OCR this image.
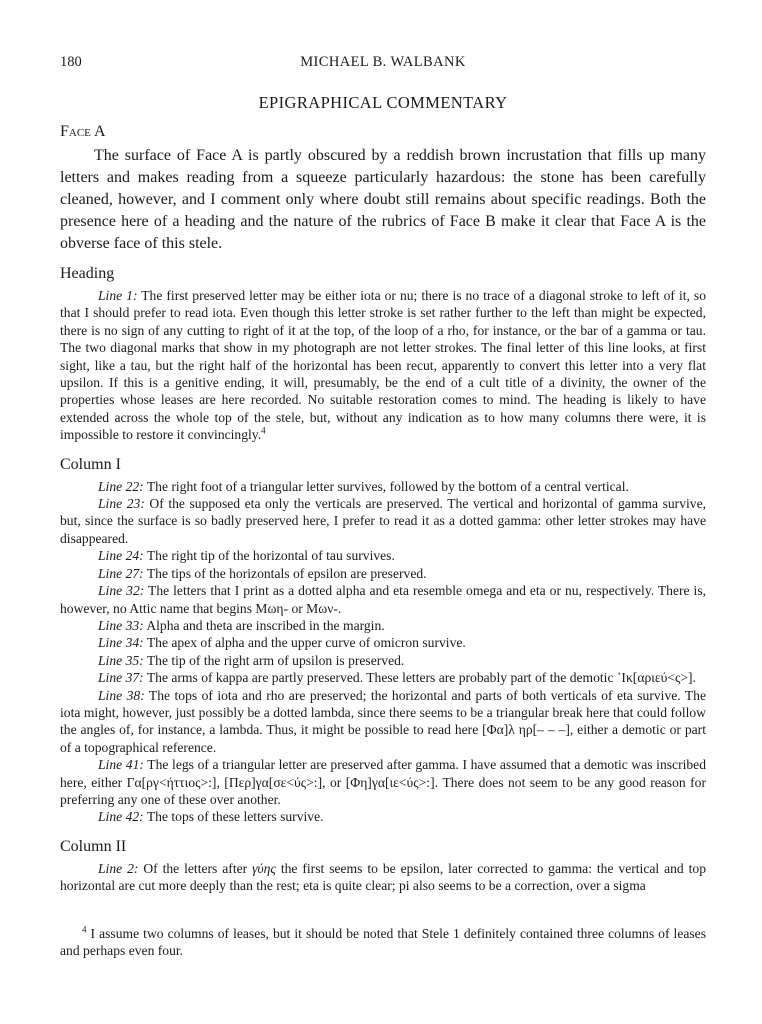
180	MICHAEL B. WALBANK
EPIGRAPHICAL COMMENTARY
Face A

The surface of Face A is partly obscured by a reddish brown incrustation that fills up many letters and makes reading from a squeeze particularly hazardous: the stone has been carefully cleaned, however, and I comment only where doubt still remains about specific readings. Both the presence here of a heading and the nature of the rubrics of Face B make it clear that Face A is the obverse face of this stele.

Heading

Line 1: The first preserved letter may be either iota or nu; there is no trace of a diagonal stroke to left of it, so that I should prefer to read iota. Even though this letter stroke is set rather further to the left than might be expected, there is no sign of any cutting to right of it at the top, of the loop of a rho, for instance, or the bar of a gamma or tau. The two diagonal marks that show in my photograph are not letter strokes. The final letter of this line looks, at first sight, like a tau, but the right half of the horizontal has been recut, apparently to convert this letter into a very flat upsilon. If this is a genitive ending, it will, presumably, be the end of a cult title of a divinity, the owner of the properties whose leases are here recorded. No suitable restoration comes to mind. The heading is likely to have extended across the whole top of the stele, but, without any indication as to how many columns there were, it is impossible to restore it convincingly.$^4$

Column I

Line 22: The right foot of a triangular letter survives, followed by the bottom of a central vertical.

Line 23: Of the supposed eta only the verticals are preserved. The vertical and horizontal of gamma survive, but, since the surface is so badly preserved here, I prefer to read it as a dotted gamma: other letter strokes may have disappeared.

Line 24: The right tip of the horizontal of tau survives.

Line 27: The tips of the horizontals of epsilon are preserved.

Line 32: The letters that I print as a dotted alpha and eta resemble omega and eta or nu, respectively. There is, however, no Attic name that begins Μωη- or Μων-.

Line 33: Alpha and theta are inscribed in the margin.

Line 34: The apex of alpha and the upper curve of omicron survive.

Line 35: The tip of the right arm of upsilon is preserved.

Line 37: The arms of kappa are partly preserved. These letters are probably part of the demotic ᾿Ικ[αριεύ<ς>].

Line 38: The tops of iota and rho are preserved; the horizontal and parts of both verticals of eta survive. The iota might, however, just possibly be a dotted lambda, since there seems to be a triangular break here that could follow the angles of, for instance, a lambda. Thus, it might be possible to read here [Φα]λ ηρ[– – –], either a demotic or part of a topographical reference.

Line 41: The legs of a triangular letter are preserved after gamma. I have assumed that a demotic was inscribed here, either Γα[ργ<ήττιος>:], [Περ]γα[σε<ύς>:], or [Φη]γα[ιε<ύς>:]. There does not seem to be any good reason for preferring any one of these over another.

Line 42: The tops of these letters survive.

Column II

Line 2: Of the letters after γύης the first seems to be epsilon, later corrected to gamma: the vertical and top horizontal are cut more deeply than the rest; eta is quite clear; pi also seems to be a correction, over a sigma

$^4$ I assume two columns of leases, but it should be noted that Stele 1 definitely contained three columns of leases and perhaps even four.
